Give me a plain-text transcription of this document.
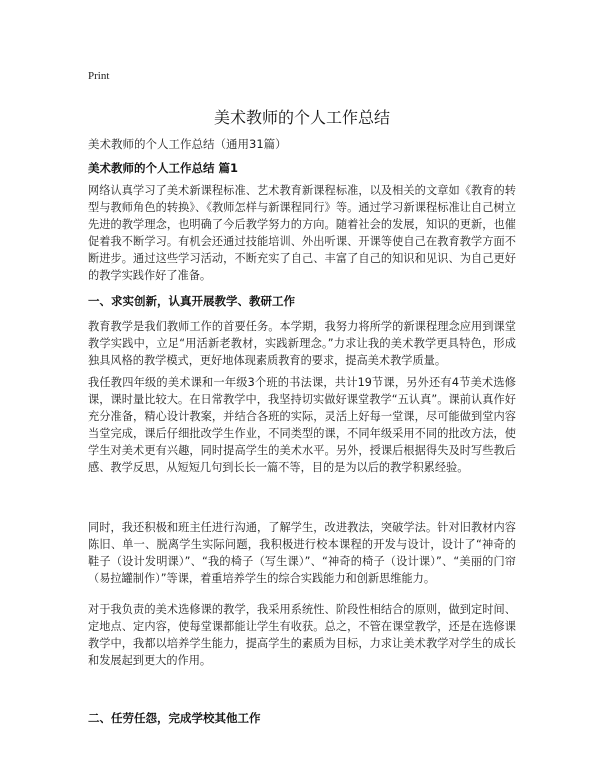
Print
美术教师的个人工作总结
美术教师的个人工作总结（通用31篇）
美术教师的个人工作总结 篇1

网络认真学习了美术新课程标准、艺术教育新课程标准，以及相关的文章如《教育的转型与教师角色的转换》、《教师怎样与新课程同行》等。通过学习新课程标准让自己树立先进的教学理念，也明确了今后教学努力的方向。随着社会的发展，知识的更新，也催促着我不断学习。有机会还通过技能培训、外出听课、开课等使自己在教育教学方面不断进步。通过这些学习活动，不断充实了自己、丰富了自己的知识和见识、为自己更好的教学实践作好了准备。

一、求实创新，认真开展教学、教研工作

教育教学是我们教师工作的首要任务。本学期，我努力将所学的新课程理念应用到课堂教学实践中，立足“用活新老教材，实践新理念。”力求让我的美术教学更具特色，形成独具风格的教学模式，更好地体现素质教育的要求，提高美术教学质量。

我任教四年级的美术课和一年级3个班的书法课，共计19节课，另外还有4节美术选修课，课时量比较大。在日常教学中，我坚持切实做好课堂教学“五认真”。课前认真作好充分准备，精心设计教案，并结合各班的实际，灵活上好每一堂课，尽可能做到堂内容当堂完成，课后仔细批改学生作业，不同类型的课，不同年级采用不同的批改方法，使学生对美术更有兴趣，同时提高学生的美术水平。另外，授课后根据得失及时写些教后感、教学反思，从短短几句到长长一篇不等，目的是为以后的教学积累经验。

同时，我还积极和班主任进行沟通，了解学生，改进教法，突破学法。针对旧教材内容陈旧、单一、脱离学生实际问题，我积极进行校本课程的开发与设计，设计了“神奇的鞋子（设计发明课）”、“我的椅子（写生课）”、“神奇的椅子（设计课）”、“美丽的门帘（易拉罐制作）”等课，着重培养学生的综合实践能力和创新思维能力。

对于我负责的美术选修课的教学，我采用系统性、阶段性相结合的原则，做到定时间、定地点、定内容，使每堂课都能让学生有收获。总之，不管在课堂教学，还是在选修课教学中，我都以培养学生能力，提高学生的素质为目标，力求让美术教学对学生的成长和发展起到更大的作用。

二、任劳任怨，完成学校其他工作
